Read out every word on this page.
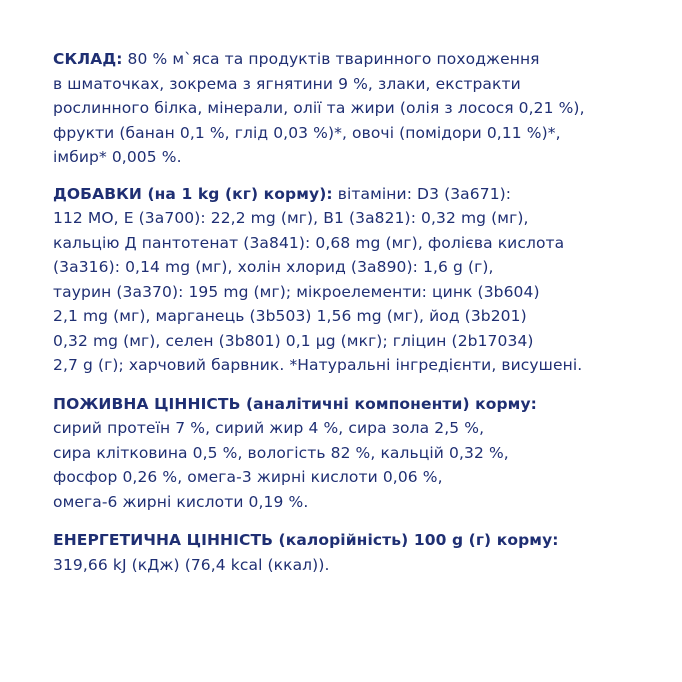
СКЛАД: 80 % м`яса та продуктів тваринного походження
в шматочках, зокрема з ягнятини 9 %, злаки, екстракти
рослинного білка, мінерали, олії та жири (олія з лосося 0,21 %),
фрукти (банан 0,1 %, глід 0,03 %)*, овочі (помідори 0,11 %)*,
імбир* 0,005 %.
ДОБАВКИ (на 1 kg (кг) корму): вітаміни: D3 (3a671):
112 МО, E (3a700): 22,2 mg (мг), B1 (3a821): 0,32 mg (мг),
кальцію Д пантотенат (3a841): 0,68 mg (мг), фолієва кислота
(3a316): 0,14 mg (мг), холін хлорид (3a890): 1,6 g (г),
таурин (3a370): 195 mg (мг); мікроелементи: цинк (3b604)
2,1 mg (мг), марганець (3b503) 1,56 mg (мг), йод (3b201)
0,32 mg (мг), селен (3b801) 0,1 µg (мкг); гліцин (2b17034)
2,7 g (г); харчовий барвник. *Натуральні інгредієнти, висушені.
ПОЖИВНА ЦІННІСТЬ (аналітичні компоненти) корму:
сирий протеїн 7 %, сирий жир 4 %, сира зола 2,5 %,
сира клітковина 0,5 %, вологість 82 %, кальцій 0,32 %,
фосфор 0,26 %, омега-3 жирні кислоти 0,06 %,
омега-6 жирні кислоти 0,19 %.
ЕНЕРГЕТИЧНА ЦІННІСТЬ (калорійність) 100 g (г) корму:
319,66 kJ (кДж) (76,4 kcal (ккал)).
